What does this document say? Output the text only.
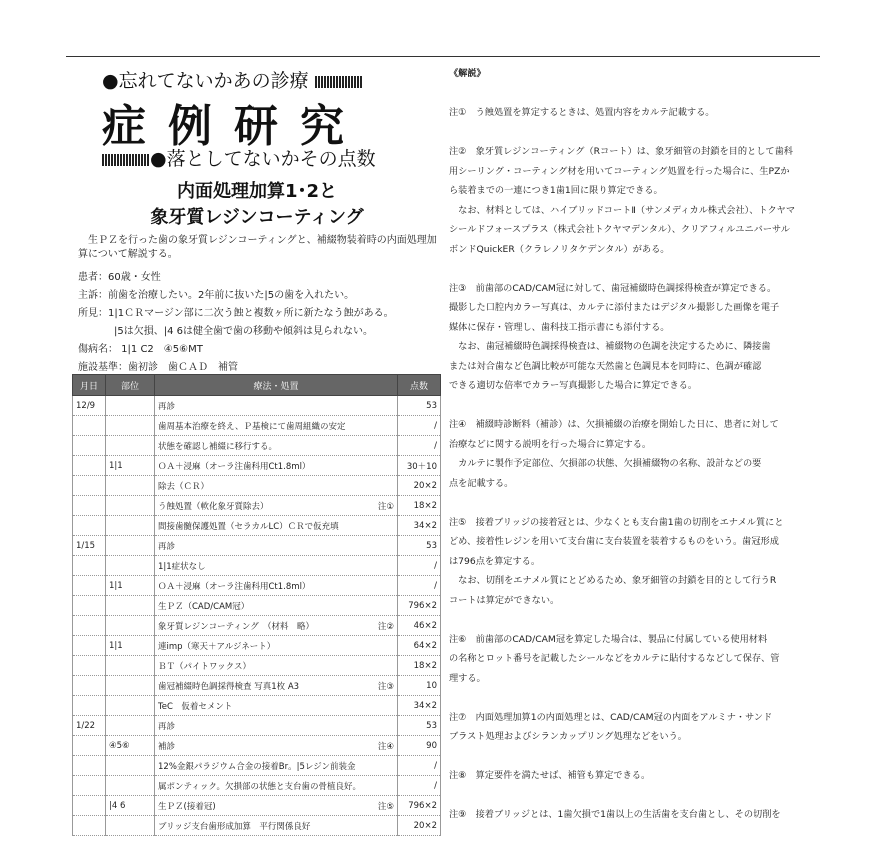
●忘れてないかあの診療
症例研究
●落としてないかその点数
内面処理加算1･2と
象牙質レジンコーティング
生ＰＺを行った歯の象牙質レジンコーティングと、補綴物装着時の内面処理加算について解説する。
患者：60歳・女性
主訴：前歯を治療したい。2年前に抜いた|5の歯を入れたい。
所見：1|1ＣＲマージン部に二次う蝕と複数ヶ所に新たなう蝕がある。
|5は欠損、|4 6は健全歯で歯の移動や傾斜は見られない。
傷病名： 1|1 C2　④5⑥MT
施設基準：歯初診　歯ＣＡＤ　補管
月日	部位	療法・処置	点数
12/9		再診	53
		歯周基本治療を終え、Ｐ基検にて歯周組織の安定	/
		状態を確認し補綴に移行する。	/
	1|1	ＯＡ＋浸麻（オーラ注歯科用Ct1.8ml）	30＋10
		除去（ＣＲ）	20×2
		う蝕処置（軟化象牙質除去） 注①	18×2
		間接歯髄保護処置（セラカルLC）ＣＲで仮充填	34×2
1/15		再診	53
		1|1症状なし	/
	1|1	ＯＡ＋浸麻（オーラ注歯科用Ct1.8ml）	/
		生ＰＺ（CAD/CAM冠）	796×2
		象牙質レジンコーティング　（材料　略） 注②	46×2
	1|1	連imp（寒天＋アルジネート）	64×2
		ＢＴ（パイトワックス）	18×2
		歯冠補綴時色調採得検査 写真1枚 A3 注③	10
		TeC　仮着セメント	34×2
1/22		再診	53
	④5⑥	補診 注④	90
		12%金銀パラジウム合金の接着Br。|5レジン前装金	/
		属ポンティック。欠損部の状態と支台歯の骨植良好。	/
	|4 6	生ＰＺ(接着冠) 注⑤	796×2
		ブリッジ支台歯形成加算　平行関係良好	20×2
《解説》
注①　う蝕処置を算定するときは、処置内容をカルテ記載する。
注②　象牙質レジンコーティング（Rコート）は、象牙細管の封鎖を目的として歯科
用シーリング・コーティング材を用いてコーティング処置を行った場合に、生PZか
ら装着までの一連につき1歯1回に限り算定できる。
　なお、材料としては、ハイブリッドコートⅡ（サンメディカル株式会社）、トクヤマ
シールドフォースプラス（株式会社トクヤマデンタル）、クリアフィルユニバーサル
ボンドQuickER（クラレノリタケデンタル）がある。
注③　前歯部のCAD/CAM冠に対して、歯冠補綴時色調採得検査が算定できる。
撮影した口腔内カラー写真は、カルテに添付またはデジタル撮影した画像を電子
媒体に保存・管理し、歯科技工指示書にも添付する。
　なお、歯冠補綴時色調採得検査は、補綴物の色調を決定するために、隣接歯
または対合歯など色調比較が可能な天然歯と色調見本を同時に、色調が確認
できる適切な倍率でカラー写真撮影した場合に算定できる。
注④　補綴時診断料（補診）は、欠損補綴の治療を開始した日に、患者に対して
治療などに関する説明を行った場合に算定する。
　カルテに製作予定部位、欠損部の状態、欠損補綴物の名称、設計などの要
点を記載する。
注⑤　接着ブリッジの接着冠とは、少なくとも支台歯1歯の切削をエナメル質にと
どめ、接着性レジンを用いて支台歯に支台装置を装着するものをいう。歯冠形成
は796点を算定する。
　なお、切削をエナメル質にとどめるため、象牙細管の封鎖を目的として行うR
コートは算定ができない。
注⑥　前歯部のCAD/CAM冠を算定した場合は、製品に付属している使用材料
の名称とロット番号を記載したシールなどをカルテに貼付するなどして保存、管
理する。
注⑦　内面処理加算1の内面処理とは、CAD/CAM冠の内面をアルミナ・サンド
ブラスト処理およびシランカップリング処理などをいう。
注⑧　算定要件を満たせば、補管も算定できる。
注⑨　接着ブリッジとは、1歯欠損で1歯以上の生活歯を支台歯とし、その切削を
